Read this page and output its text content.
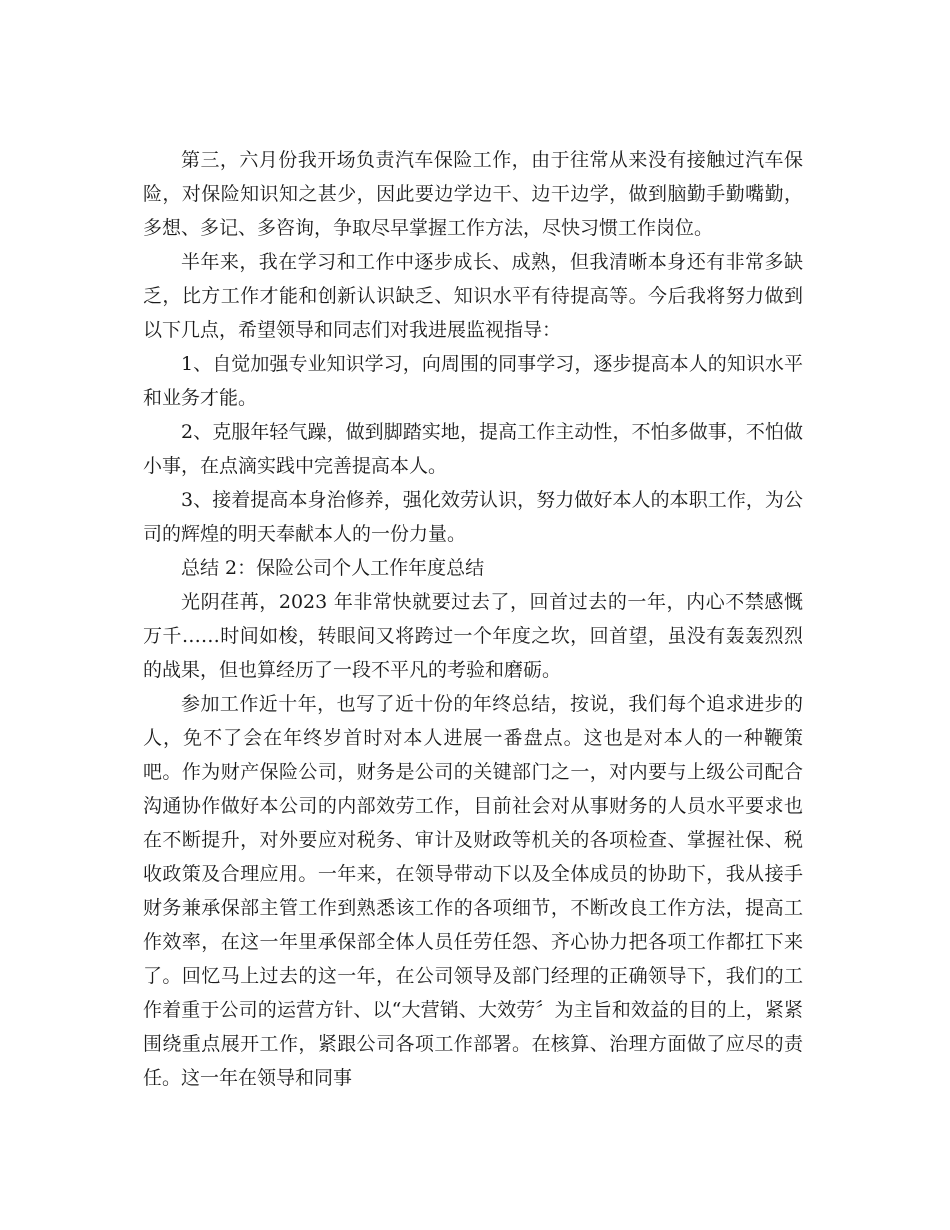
第三，六月份我开场负责汽车保险工作，由于往常从来没有接触过汽车保险，对保险知识知之甚少，因此要边学边干、边干边学，做到脑勤手勤嘴勤，多想、多记、多咨询，争取尽早掌握工作方法，尽快习惯工作岗位。

半年来，我在学习和工作中逐步成长、成熟，但我清晰本身还有非常多缺乏，比方工作才能和创新认识缺乏、知识水平有待提高等。今后我将努力做到以下几点，希望领导和同志们对我进展监视指导：

1、自觉加强专业知识学习，向周围的同事学习，逐步提高本人的知识水平和业务才能。

2、克服年轻气躁，做到脚踏实地，提高工作主动性，不怕多做事，不怕做小事，在点滴实践中完善提高本人。

3、接着提高本身治修养，强化效劳认识，努力做好本人的本职工作，为公司的辉煌的明天奉献本人的一份力量。

总结 2：保险公司个人工作年度总结

光阴荏苒，2023 年非常快就要过去了，回首过去的一年，内心不禁感慨万千……时间如梭，转眼间又将跨过一个年度之坎，回首望，虽没有轰轰烈烈的战果，但也算经历了一段不平凡的考验和磨砺。

参加工作近十年，也写了近十份的年终总结，按说，我们每个追求进步的人，免不了会在年终岁首时对本人进展一番盘点。这也是对本人的一种鞭策吧。作为财产保险公司，财务是公司的关键部门之一，对内要与上级公司配合沟通协作做好本公司的内部效劳工作，目前社会对从事财务的人员水平要求也在不断提升，对外要应对税务、审计及财政等机关的各项检查、掌握社保、税收政策及合理应用。一年来，在领导带动下以及全体成员的协助下，我从接手财务兼承保部主管工作到熟悉该工作的各项细节，不断改良工作方法，提高工作效率，在这一年里承保部全体人员任劳任怨、齐心协力把各项工作都扛下来了。回忆马上过去的这一年，在公司领导及部门经理的正确领导下，我们的工作着重于公司的运营方针、以“大营销、大效劳〞为主旨和效益的目的上，紧紧围绕重点展开工作，紧跟公司各项工作部署。在核算、治理方面做了应尽的责任。这一年在领导和同事
